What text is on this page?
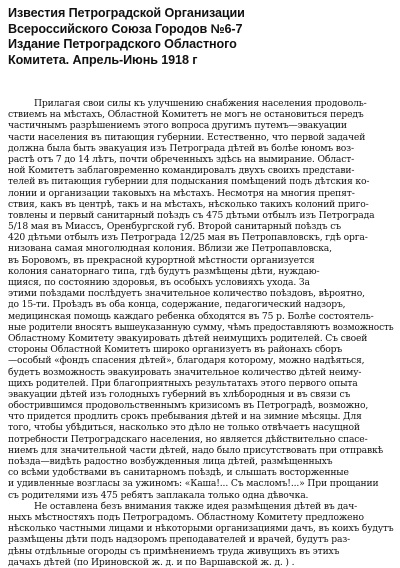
Известия Петроградской Организации
Всероссийского Союза Городов №6-7
Издание Петроградского Областного
Комитета. Апрель-Июнь 1918 г
Прилагая свои силы къ улучшению снабжения населения продоволь-
ствиемъ на мѣстахъ, Областной Комитетъ не могъ не остановиться передъ
частичнымъ разрѣшениемъ этого вопроса другимъ путемъ—эвакуации
части населения въ питающия губернии. Естественно, что первой задачей
должна была быть эвакуация изъ Петрограда дѣтей въ болѣе юномъ воз-
растѣ отъ 7 до 14 лѣтъ, почти обреченныхъ здѣсь на вымирание. Област-
ной Комитетъ заблаговременно командировалъ двухъ своихъ представи-
телей въ питающия губернии для подыскания помѣщений подъ дѣтския ко-
лонии и организации таковыхъ на мѣстахъ. Несмотря на многия препят-
ствия, какъ въ центрѣ, такъ и на мѣстахъ, нѣсколько такихъ колоний приго-
товлены и первый санитарный поѣздъ съ 475 дѣтьми отбылъ изъ Петрограда
5/18 мая въ Миассъ, Оренбургской губ. Второй санитарный поѣздъ съ
420 дѣтьми отбылъ изъ Петрограда 12/25 мая въ Петропавловскъ, гдѣ орга-
низована самая многолюдная колония. Вблизи же Петропавловска,
въ Боровомъ, въ прекрасной курортной мѣстности организуется
колония санаторнаго типа, гдѣ будутъ размѣщены дѣти, нуждаю-
щияся, по состоянию здоровья, въ особыхъ условияхъ ухода. За
этими поѣздами послѣдуетъ значительное количество поѣздовъ, вѣроятно,
до 15-ти. Проѣздъ въ оба конца, содержание, педагогический надзоръ,
медицинская помощь каждаго ребенка обходятся въ 75 р. Болѣе состоятель-
ные родители вносятъ вышеуказанную сумму, чѣмъ предоставляютъ возможность
Областному Комитету эвакуировать дѣтей неимущихъ родителей. Съ своей
стороны Областной Комитетъ широко организуетъ въ районахъ сборъ
—особый «фондъ спасения дѣтей», благодаря которому, можно надѣяться,
будетъ возможность эвакуировать значительное количество дѣтей неиму-
щихъ родителей. При благоприятныхъ результатахъ этого первого опыта
эвакуации дѣтей изъ голодныхъ губерний въ хлѣбородныя и въ связи съ
обострившимся продовольственнымъ кризисомъ въ Петроградѣ, возможно,
что придется продлить срокъ пребывания дѣтей и на зимние мѣсяцы. Для
того, чтобы убѣдиться, насколько это дѣло не только отвѣчаетъ насущной
потребности Петроградскаго населения, но является дѣйствительно спасе-
ниемъ для значительной части дѣтей, надо было присутствовать при отправкѣ
поѣзда—видѣть радостно возбужденныя лица дѣтей, размѣщенныхъ
со всѣми удобствами въ санитарномъ поѣздѣ, и слышать восторженные
и удивленные возгласы за ужиномъ: «Каша!... Съ масломъ!...» При прощании
съ родителями изъ 475 ребятъ заплакала только одна дѣвочка.
Не оставлена безъ внимания также идея размѣщения дѣтей въ дач-
ныхъ мѣстностяхъ подъ Петроградомъ. Областному Комитету предложено
нѣсколько частными лицами и нѣкоторыми организациями дачъ, въ коихъ будутъ
размѣщены дѣти подъ надзоромъ преподавателей и врачей, будутъ раз-
дѣны отдѣльные огороды съ примѣнениемъ труда живущихъ въ этихъ
дачахъ дѣтей (по Ириновской ж. д. и по Варшавской ж. д. ) .
